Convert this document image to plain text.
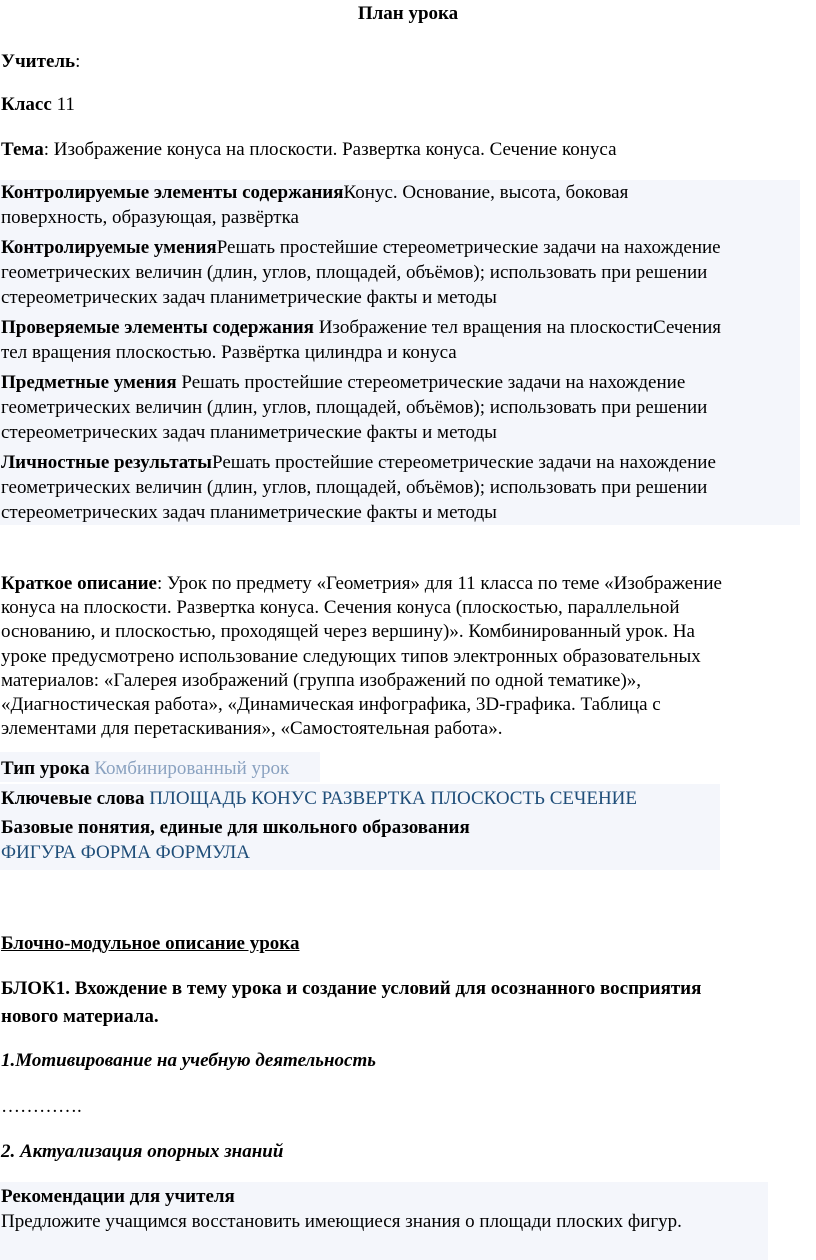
План урока
Учитель:
Класс 11
Тема: Изображение конуса на плоскости. Развертка конуса. Сечение конуса
Контролируемые элементы содержанияКонус. Основание, высота, боковая
поверхность, образующая, развёртка
Контролируемые уменияРешать простейшие стереометрические задачи на нахождение
геометрических величин (длин, углов, площадей, объёмов); использовать при решении
стереометрических задач планиметрические факты и методы
Проверяемые элементы содержания Изображение тел вращения на плоскостиСечения
тел вращения плоскостью. Развёртка цилиндра и конуса
Предметные умения Решать простейшие стереометрические задачи на нахождение
геометрических величин (длин, углов, площадей, объёмов); использовать при решении
стереометрических задач планиметрические факты и методы
Личностные результатыРешать простейшие стереометрические задачи на нахождение
геометрических величин (длин, углов, площадей, объёмов); использовать при решении
стереометрических задач планиметрические факты и методы
Краткое описание: Урок по предмету «Геометрия» для 11 класса по теме «Изображение
конуса на плоскости. Развертка конуса. Сечения конуса (плоскостью, параллельной
основанию, и плоскостью, проходящей через вершину)». Комбинированный урок. На
уроке предусмотрено использование следующих типов электронных образовательных
материалов: «Галерея изображений (группа изображений по одной тематике)»,
«Диагностическая работа», «Динамическая инфографика, 3D-графика. Таблица с
элементами для перетаскивания», «Самостоятельная работа».
Тип урока Комбинированный урок
Ключевые слова ПЛОЩАДЬ КОНУС РАЗВЕРТКА ПЛОСКОСТЬ СЕЧЕНИЕ
Базовые понятия, единые для школьного образования
ФИГУРА ФОРМА ФОРМУЛА
Блочно-модульное описание урока
БЛОК1. Вхождение в тему урока и создание условий для осознанного восприятия
нового материала.
1.Мотивирование на учебную деятельность
………….
2. Актуализация опорных знаний
Рекомендации для учителя
Предложите учащимся восстановить имеющиеся знания о площади плоских фигур.
